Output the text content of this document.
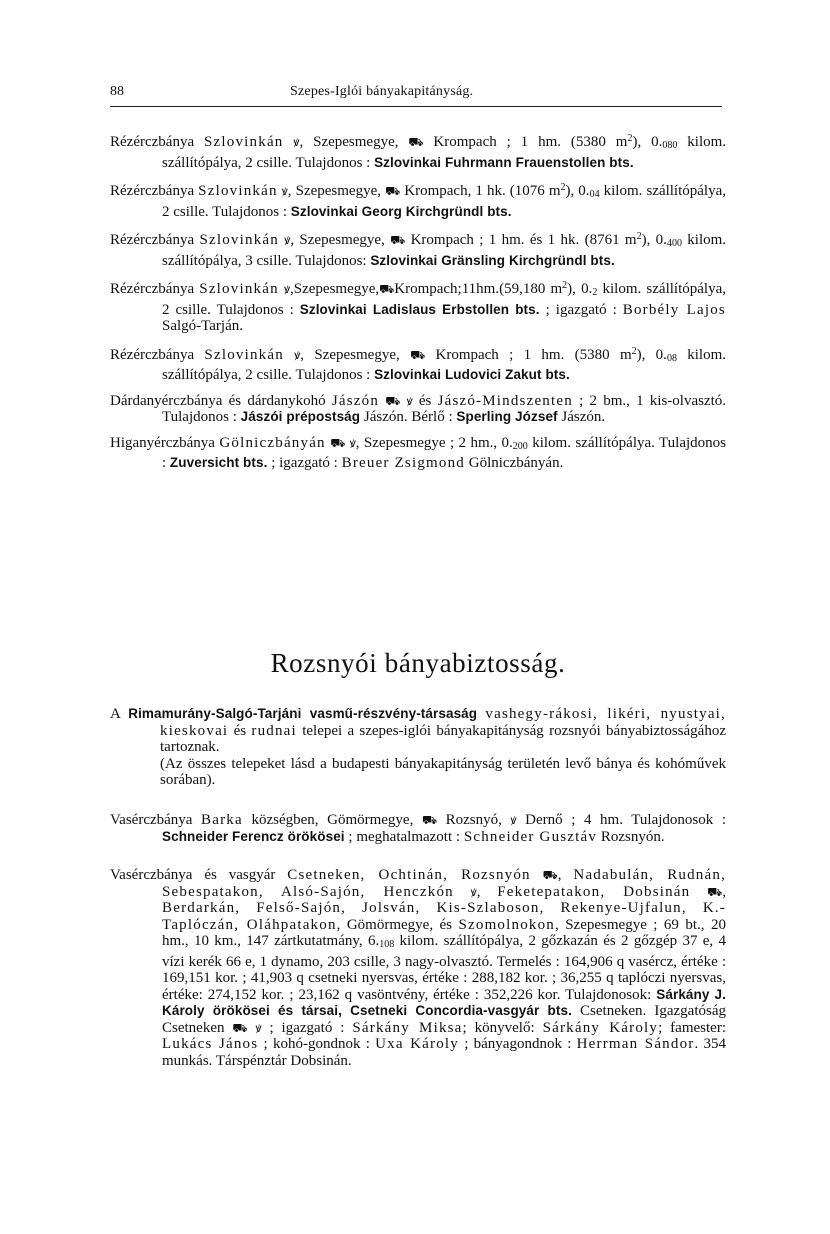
88	Szepes-Iglói bányakapitányság.
Rézérczbánya Szlovinkán ꝟ, Szepesmegye, ⛟ Krompach ; 1 hm. (5380 $m^2$), $0._{080}$ kilom. szállítópálya, 2 csille. Tulajdonos : Szlovinkai Fuhrmann Frauenstollen bts.
Rézérczbánya Szlovinkán ꝟ, Szepesmegye, ⛟ Krompach, 1 hk. (1076 $m^2$), $0._{04}$ kilom. szállítópálya, 2 csille. Tulajdonos : Szlovinkai Georg Kirchgründl bts.
Rézérczbánya Szlovinkán ꝟ, Szepesmegye, ⛟ Krompach ; 1 hm. és 1 hk. (8761 $m^2$), $0._{400}$ kilom. szállítópálya, 3 csille. Tulajdonos: Szlovinkai Gränsling Kirchgründl bts.
Rézérczbánya Szlovinkán ꝟ,Szepesmegye,⛟Krompach;11hm.(59,180 $m^2$), $0._2$ kilom. szállítópálya, 2 csille. Tulajdonos : Szlovinkai Ladislaus Erbstollen bts. ; igazgató : Borbély Lajos Salgó-Tarján.
Rézérczbánya Szlovinkán ꝟ, Szepesmegye, ⛟ Krompach ; 1 hm. (5380 $m^2$), $0._{08}$ kilom. szállítópálya, 2 csille. Tulajdonos : Szlovinkai Ludovici Zakut bts.
Dárdanyérczbánya és dárdanykohó Jászón ⛟ ꝟ és Jászó-Mindszenten ; 2 bm., 1 kis-olvasztó. Tulajdonos : Jászói prépostság Jászón. Bérlő : Sperling József Jászón.
Higanyérczbánya Gölniczbányán ⛟ ꝟ, Szepesmegye ; 2 hm., $0._{200}$ kilom. szállítópálya. Tulajdonos : Zuversicht bts. ; igazgató : Breuer Zsigmond Gölniczbányán.
Rozsnyói bányabiztosság.
A Rimamurány-Salgó-Tarjáni vasmű-részvény-társaság vashegy-rákosi, likéri, nyustyai, kieskovai és rudnai telepei a szepes-iglói bányakapitányság rozsnyói bányabiztosságához tartoznak.
(Az összes telepeket lásd a budapesti bányakapitányság területén levő bánya és kohóművek sorában).
Vasérczbánya Barka községben, Gömörmegye, ⛟ Rozsnyó, ꝟ Dernő ; 4 hm. Tulajdonosok : Schneider Ferencz örökösei ; meghatalmazott : Schneider Gusztáv Rozsnyón.
Vasérczbánya és vasgyár Csetneken, Ochtinán, Rozsnyón ⛟, Nadabulán, Rudnán, Sebespatakon, Alsó-Sajón, Henczkón ꝟ, Feketepatakon, Dobsinán ⛟, Berdarkán, Felső-Sajón, Jolsván, Kis-Szlaboson, Rekenye-Ujfalun, K.-Taplóczán, Oláhpatakon, Gömörmegye, és Szomolnokon, Szepesmegye ; 69 bt., 20 hm., 10 km., 147 zártkutatmány, $6._{108}$ kilom. szállítópálya, 2 gőzkazán és 2 gőzgép 37 e, 4 vízi kerék 66 e, 1 dynamo, 203 csille, 3 nagy-olvasztó. Termelés : 164,906 q vasércz, értéke : 169,151 kor. ; 41,903 q csetneki nyersvas, értéke : 288,182 kor. ; 36,255 q taplóczi nyersvas, értéke: 274,152 kor. ; 23,162 q vasöntvény, értéke : 352,226 kor. Tulajdonosok: Sárkány J. Károly örökösei és társai, Csetneki Concordia-vasgyár bts. Csetneken. Igazgatóság Csetneken ⛟ ꝟ ; igazgató : Sárkány Miksa; könyvelő: Sárkány Károly; famester: Lukács János ; kohó-gondnok : Uxa Károly ; bányagondnok : Herrman Sándor. 354 munkás. Társpénztár Dobsinán.
